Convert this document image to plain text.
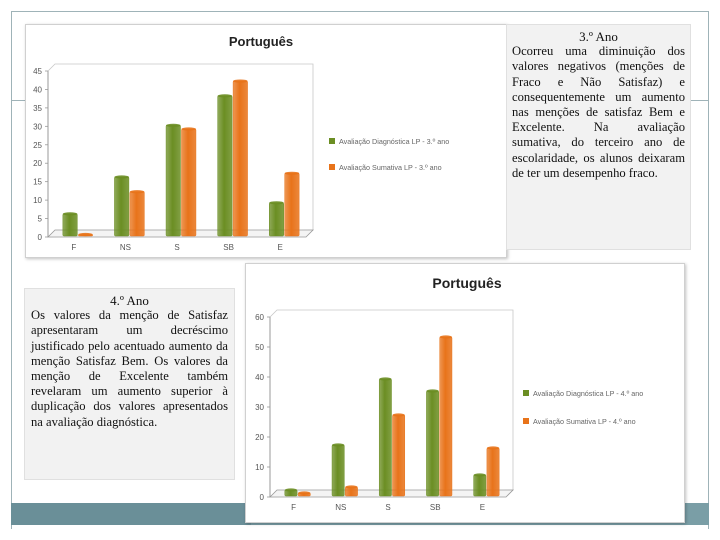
Português
0
5
10
15
20
25
30
35
40
45
F	NS	S	SB	E
Avaliação Diagnóstica LP - 3.º ano
Avaliação Sumativa LP - 3.º ano
3.º Ano
Ocorreu uma diminuição dos valores negativos (menções de Fraco e Não Satisfaz) e consequentemente um aumento nas menções de satisfaz Bem e Excelente. Na avaliação sumativa, do terceiro ano de escolaridade, os alunos deixaram de ter um desempenho fraco.
4.º Ano
Os valores da menção de Satisfaz apresentaram um decréscimo justificado pelo acentuado aumento da menção Satisfaz Bem. Os valores da menção de Excelente também revelaram um aumento superior à duplicação dos valores apresentados na avaliação diagnóstica.
Português
0
10
20
30
40
50
60
F	NS	S	SB	E
Avaliação Diagnóstica LP - 4.º ano
Avaliação Sumativa LP - 4.º ano
